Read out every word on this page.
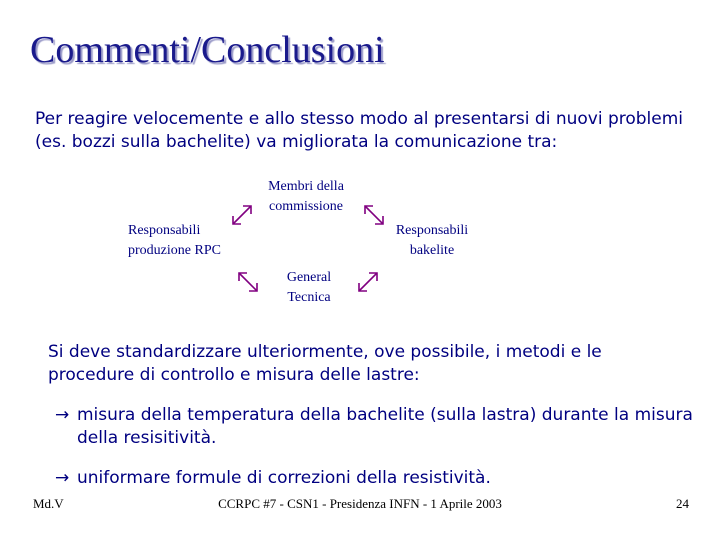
Commenti/Conclusioni
Per reagire velocemente e allo stesso modo al presentarsi di nuovi problemi (es. bozzi sulla bachelite) va migliorata la comunicazione tra:
Membri della
commissione
Responsabili
produzione RPC
Responsabili
bakelite
General
Tecnica
Si deve standardizzare ulteriormente, ove possibile, i metodi e le procedure di controllo e misura delle lastre:
→ misura della temperatura della bachelite (sulla lastra) durante la misura della resisitività.
→ uniformare formule di correzioni della resistività.
Md.V	CCRPC #7 - CSN1 - Presidenza INFN - 1 Aprile 2003	24
